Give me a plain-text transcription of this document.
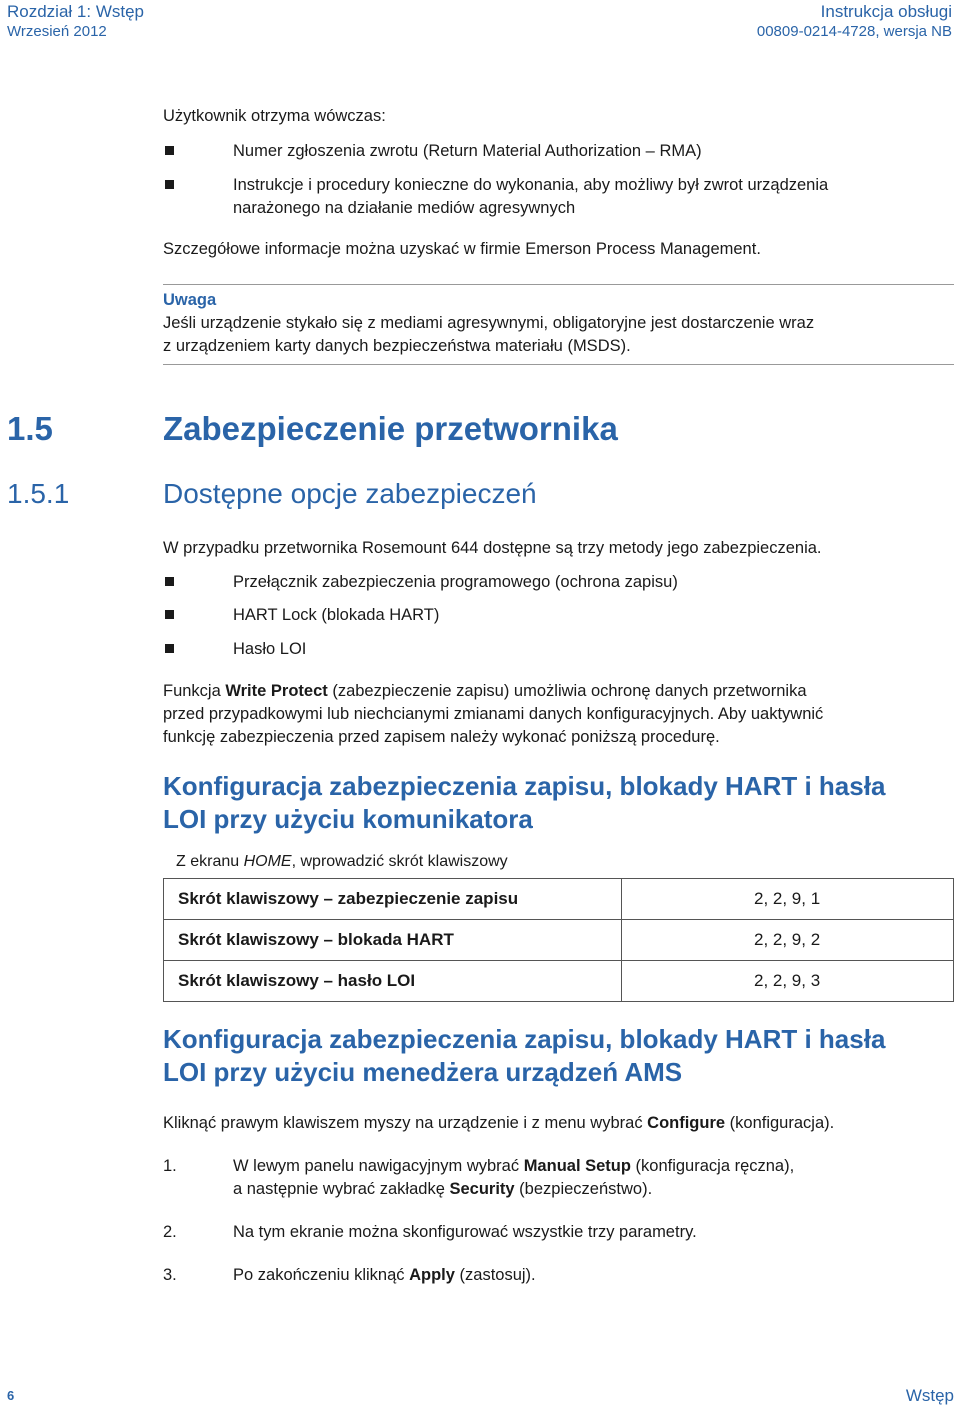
Rozdział 1: Wstęp
Wrzesień 2012
Instrukcja obsługi
00809-0214-4728, wersja NB
Użytkownik otrzyma wówczas:
Numer zgłoszenia zwrotu (Return Material Authorization – RMA)
Instrukcje i procedury konieczne do wykonania, aby możliwy był zwrot urządzenia
narażonego na działanie mediów agresywnych
Szczegółowe informacje można uzyskać w firmie Emerson Process Management.
Uwaga
Jeśli urządzenie stykało się z mediami agresywnymi, obligatoryjne jest dostarczenie wraz
z urządzeniem karty danych bezpieczeństwa materiału (MSDS).
1.5	Zabezpieczenie przetwornika
1.5.1	Dostępne opcje zabezpieczeń
W przypadku przetwornika Rosemount 644 dostępne są trzy metody jego zabezpieczenia.
Przełącznik zabezpieczenia programowego (ochrona zapisu)
HART Lock (blokada HART)
Hasło LOI
Funkcja Write Protect (zabezpieczenie zapisu) umożliwia ochronę danych przetwornika
przed przypadkowymi lub niechcianymi zmianami danych konfiguracyjnych. Aby uaktywnić
funkcję zabezpieczenia przed zapisem należy wykonać poniższą procedurę.
Konfiguracja zabezpieczenia zapisu, blokady HART i hasła
LOI przy użyciu komunikatora
Z ekranu HOME, wprowadzić skrót klawiszowy
Skrót klawiszowy – zabezpieczenie zapisu	2, 2, 9, 1
Skrót klawiszowy – blokada HART	2, 2, 9, 2
Skrót klawiszowy – hasło LOI	2, 2, 9, 3
Konfiguracja zabezpieczenia zapisu, blokady HART i hasła
LOI przy użyciu menedżera urządzeń AMS
Kliknąć prawym klawiszem myszy na urządzenie i z menu wybrać Configure (konfiguracja).
1.	W lewym panelu nawigacyjnym wybrać Manual Setup (konfiguracja ręczna),
a następnie wybrać zakładkę Security (bezpieczeństwo).
2.	Na tym ekranie można skonfigurować wszystkie trzy parametry.
3.	Po zakończeniu kliknąć Apply (zastosuj).
6	Wstęp
